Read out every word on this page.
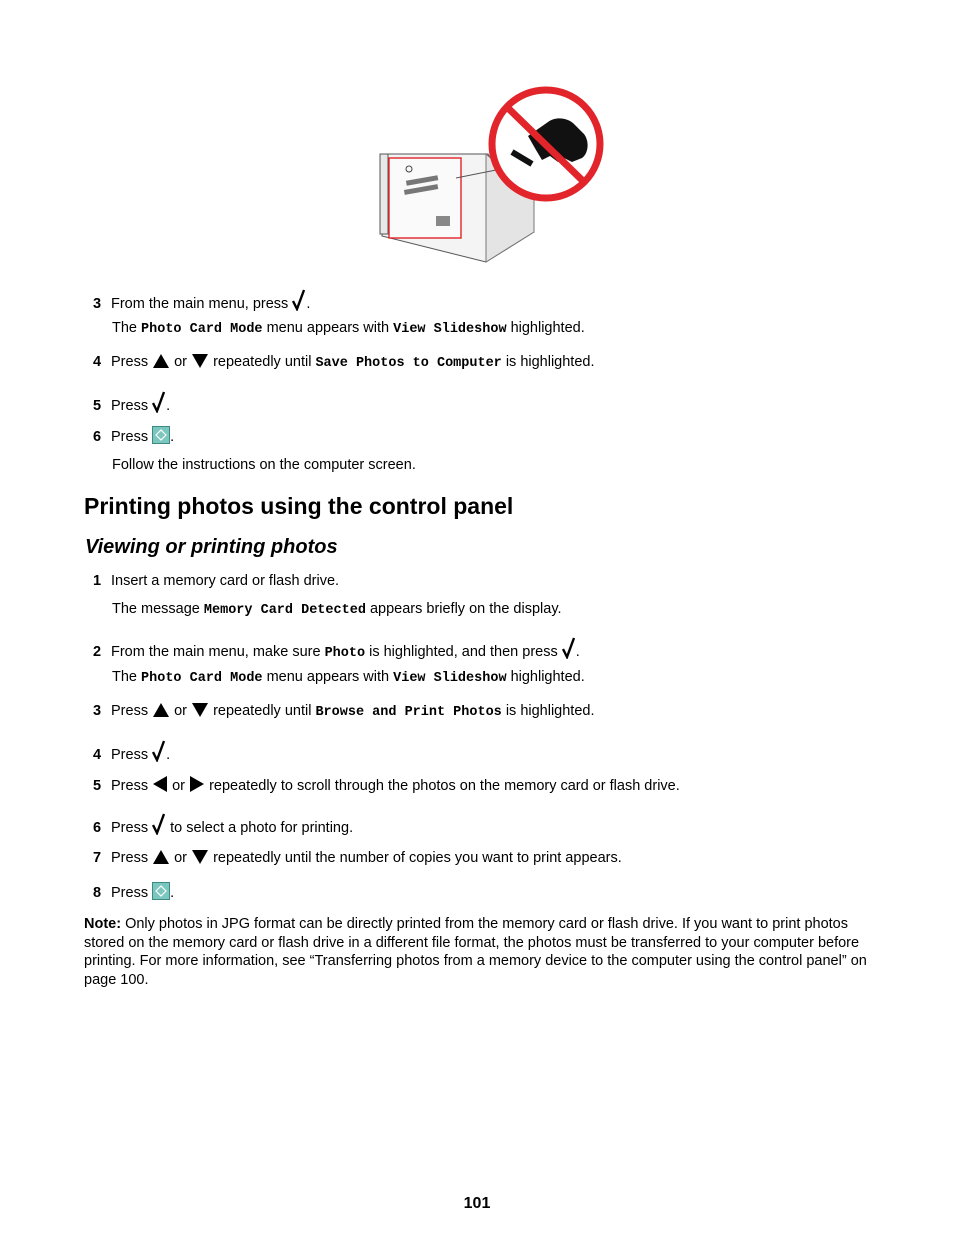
3 From the main menu, press .
The Photo Card Mode menu appears with View Slideshow highlighted.
4 Press  or  repeatedly until Save Photos to Computer is highlighted.
5 Press .
6 Press .
Follow the instructions on the computer screen.
Printing photos using the control panel
Viewing or printing photos
1 Insert a memory card or flash drive.
The message Memory Card Detected appears briefly on the display.
2 From the main menu, make sure Photo is highlighted, and then press .
The Photo Card Mode menu appears with View Slideshow highlighted.
3 Press  or  repeatedly until Browse and Print Photos is highlighted.
4 Press .
5 Press  or  repeatedly to scroll through the photos on the memory card or flash drive.
6 Press  to select a photo for printing.
7 Press  or  repeatedly until the number of copies you want to print appears.
8 Press .
Note: Only photos in JPG format can be directly printed from the memory card or flash drive. If you want to print photos stored on the memory card or flash drive in a different file format, the photos must be transferred to your computer before printing. For more information, see “Transferring photos from a memory device to the computer using the control panel” on page 100.
101
